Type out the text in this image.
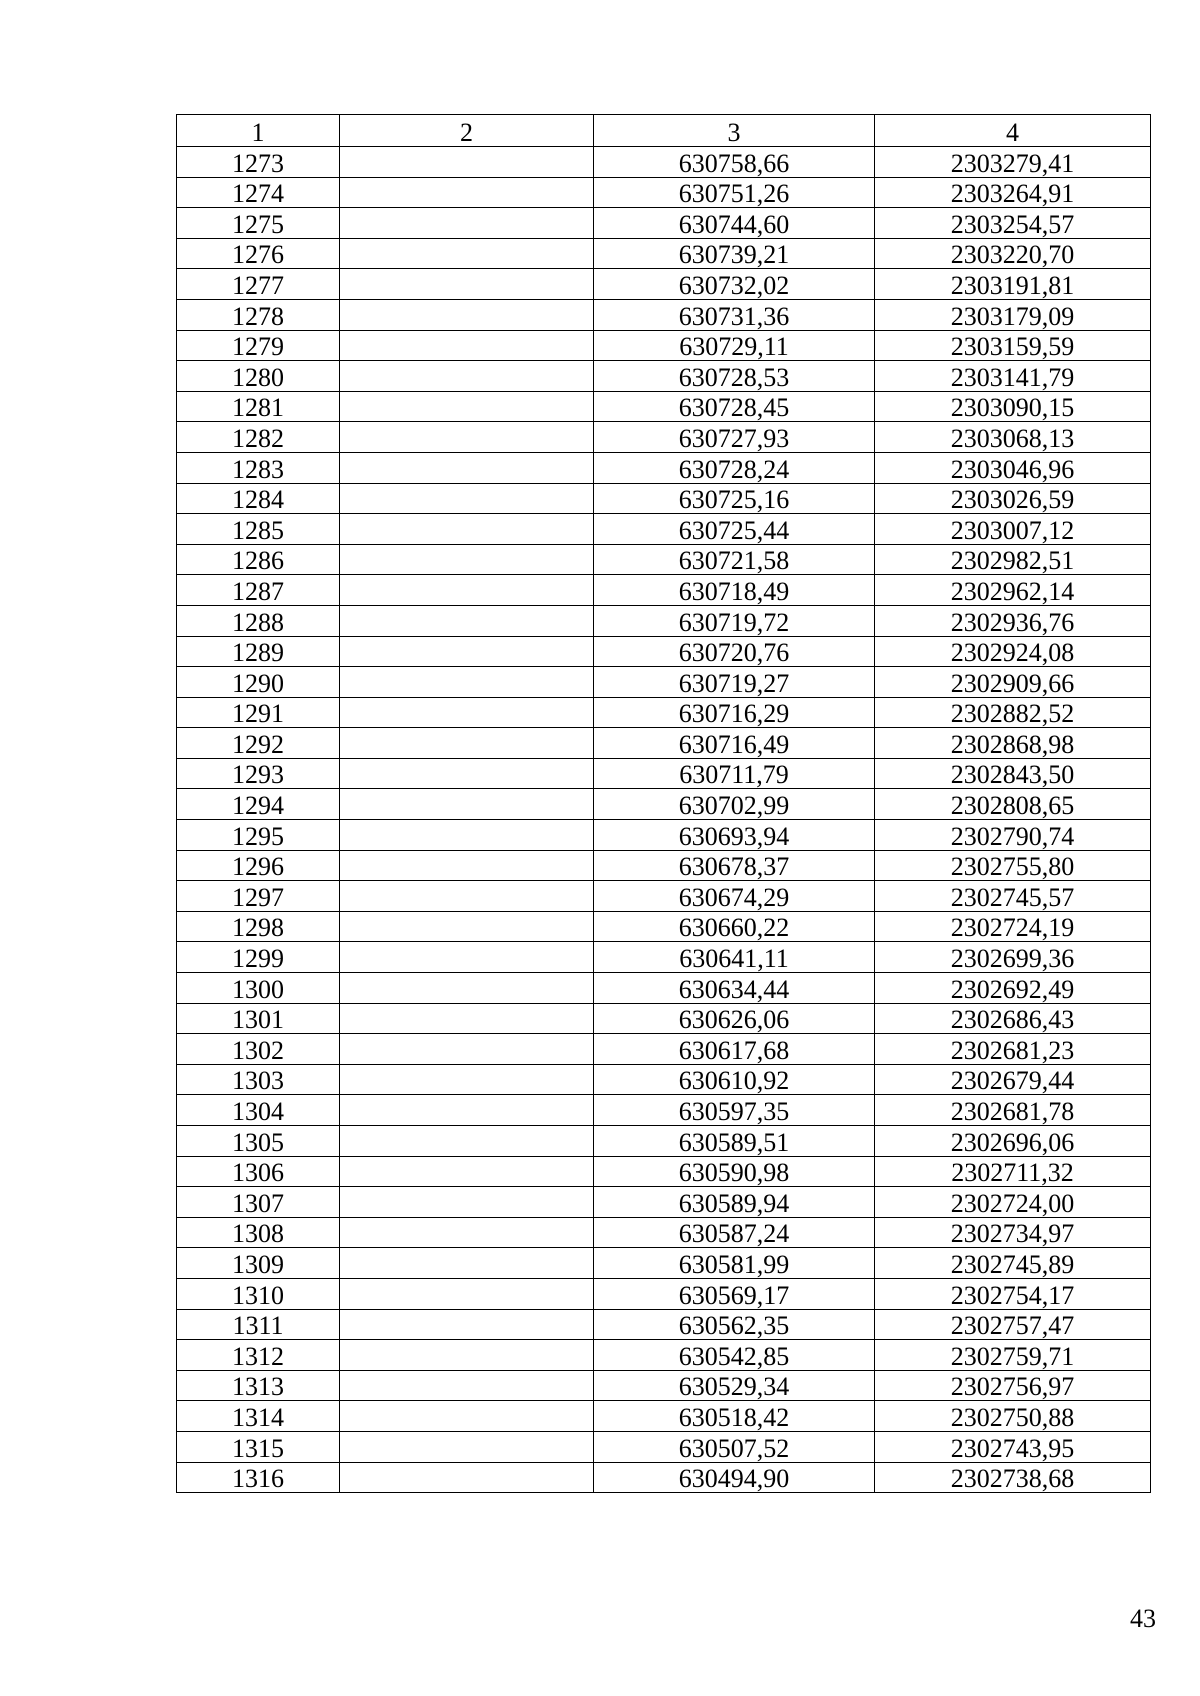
1	2	3	4
1273		630758,66	2303279,41
1274		630751,26	2303264,91
1275		630744,60	2303254,57
1276		630739,21	2303220,70
1277		630732,02	2303191,81
1278		630731,36	2303179,09
1279		630729,11	2303159,59
1280		630728,53	2303141,79
1281		630728,45	2303090,15
1282		630727,93	2303068,13
1283		630728,24	2303046,96
1284		630725,16	2303026,59
1285		630725,44	2303007,12
1286		630721,58	2302982,51
1287		630718,49	2302962,14
1288		630719,72	2302936,76
1289		630720,76	2302924,08
1290		630719,27	2302909,66
1291		630716,29	2302882,52
1292		630716,49	2302868,98
1293		630711,79	2302843,50
1294		630702,99	2302808,65
1295		630693,94	2302790,74
1296		630678,37	2302755,80
1297		630674,29	2302745,57
1298		630660,22	2302724,19
1299		630641,11	2302699,36
1300		630634,44	2302692,49
1301		630626,06	2302686,43
1302		630617,68	2302681,23
1303		630610,92	2302679,44
1304		630597,35	2302681,78
1305		630589,51	2302696,06
1306		630590,98	2302711,32
1307		630589,94	2302724,00
1308		630587,24	2302734,97
1309		630581,99	2302745,89
1310		630569,17	2302754,17
1311		630562,35	2302757,47
1312		630542,85	2302759,71
1313		630529,34	2302756,97
1314		630518,42	2302750,88
1315		630507,52	2302743,95
1316		630494,90	2302738,68
43
